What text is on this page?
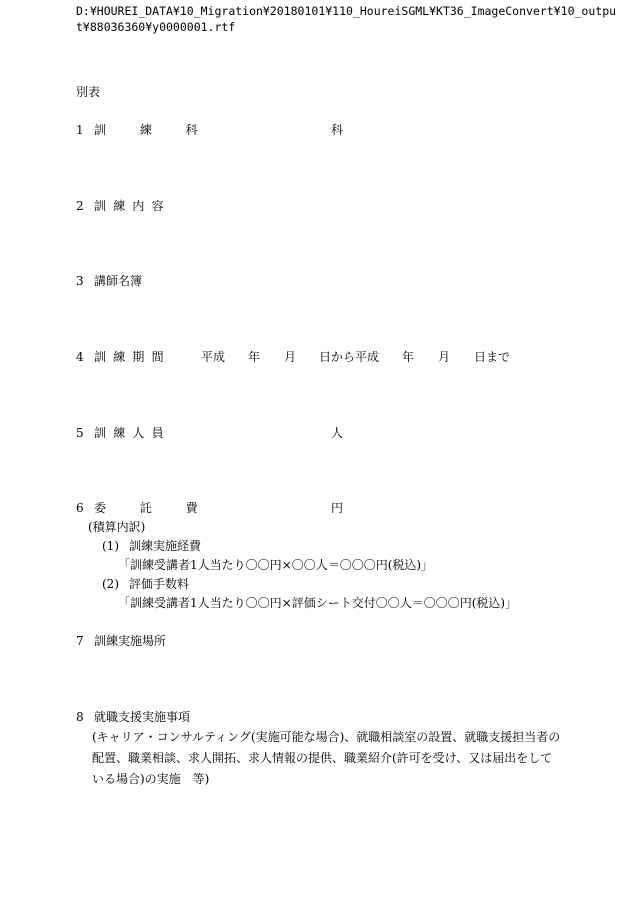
D:¥HOUREI_DATA¥10_Migration¥20180101¥110_HoureiSGML¥KT36_ImageConvert¥10_output¥88036360¥y0000001.rtf
別表
1 訓 練 科	科
2 訓練内容
3 講師名簿
4 訓練期間	平成 年 月 日から平成 年 月 日まで
5 訓練人員	人
6 委 託 費	円
(積算内訳)
(1) 訓練実施経費
「訓練受講者1人当たり〇〇円×〇〇人＝〇〇〇円(税込)」
(2) 評価手数料
「訓練受講者1人当たり〇〇円×評価シート交付〇〇人＝〇〇〇円(税込)」
7 訓練実施場所
8 就職支援実施事項
(キャリア・コンサルティング(実施可能な場合)、就職相談室の設置、就職支援担当者の配置、職業相談、求人開拓、求人情報の提供、職業紹介(許可を受け、又は届出をしている場合)の実施　等)
